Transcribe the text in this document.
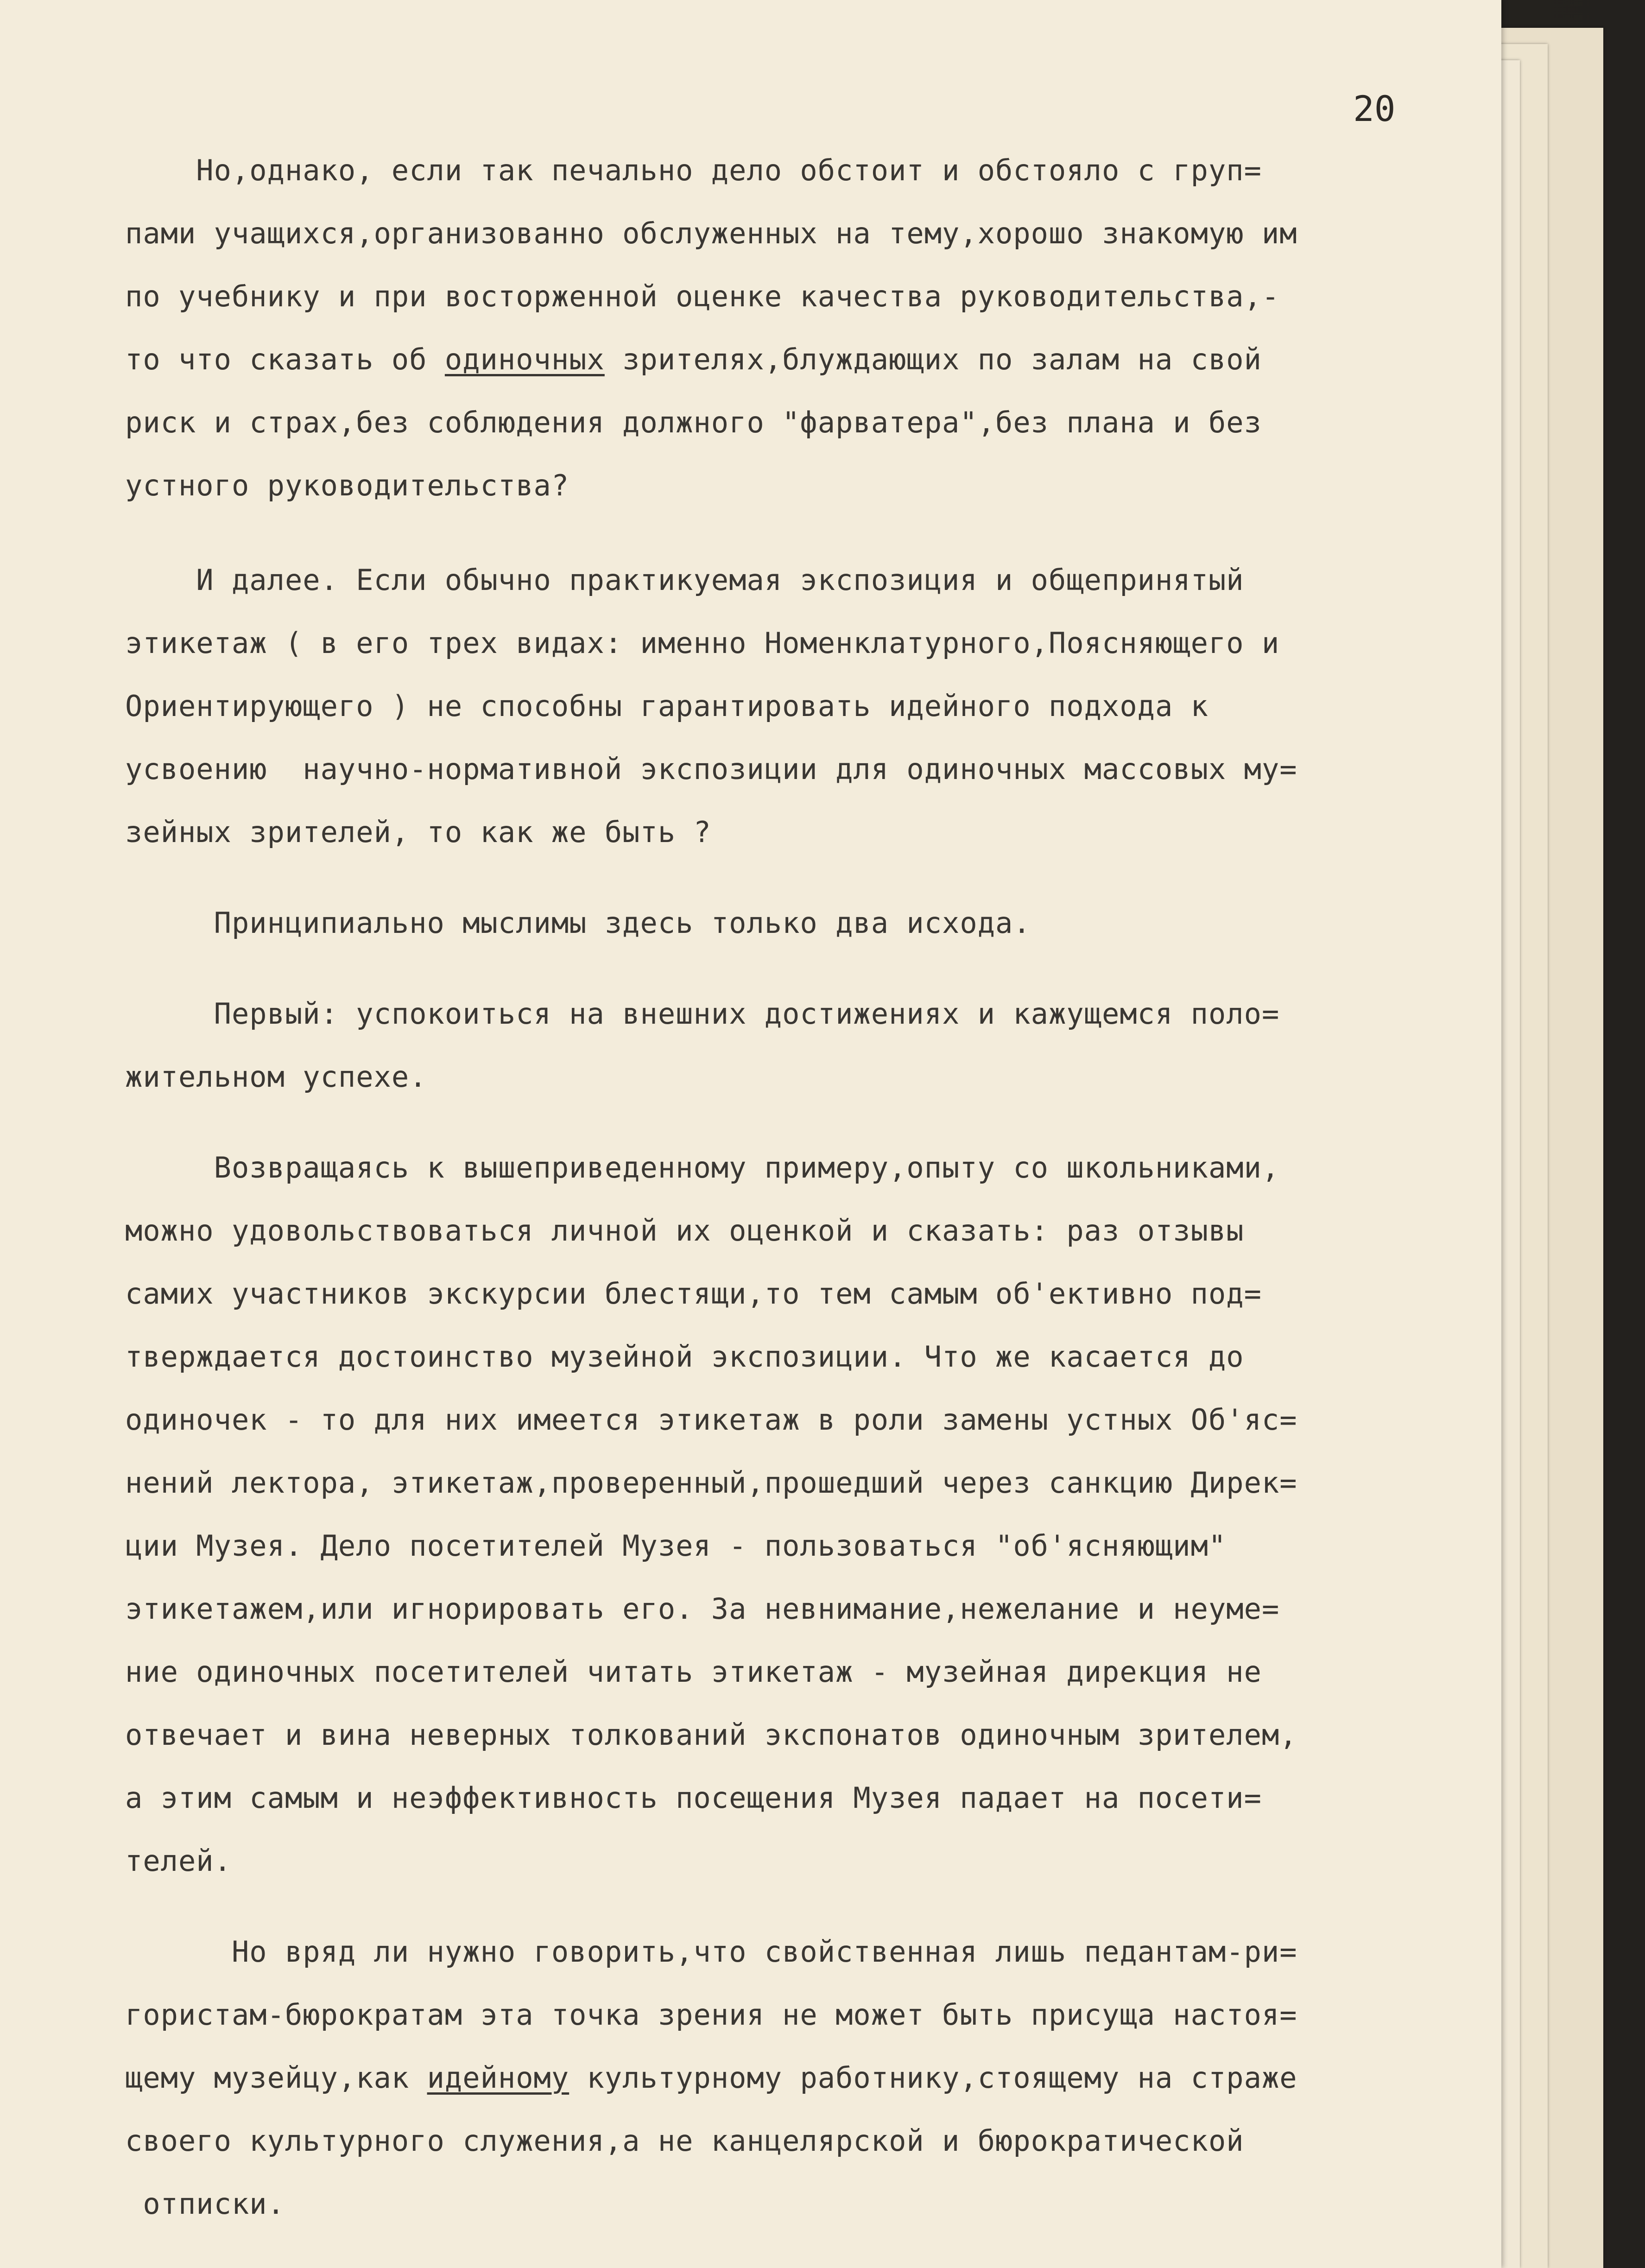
20
Но,однако, если так печально дело обстоит и обстояло с груп=
пами учащихся,организованно обслуженных на тему,хорошо знакомую им
по учебнику и при восторженной оценке качества руководительства,-
то что сказать об одиночных зрителях,блуждающих по залам на свой
риск и страх,без соблюдения должного "фарватера",без плана и без
устного руководительства?
И далее. Если обычно практикуемая экспозиция и общепринятый
этикетаж ( в его трех видах: именно Номенклатурного,Поясняющего и
Ориентирующего ) не способны гарантировать идейного подхода к
усвоению  научно-нормативной экспозиции для одиночных массовых му=
зейных зрителей, то как же быть ?
Принципиально мыслимы здесь только два исхода.
Первый: успокоиться на внешних достижениях и кажущемся поло=
жительном успехе.
Возвращаясь к вышеприведенному примеру,опыту со школьниками,
можно удовольствоваться личной их оценкой и сказать: раз отзывы
самих участников экскурсии блестящи,то тем самым об'ективно под=
тверждается достоинство музейной экспозиции. Что же касается до
одиночек - то для них имеется этикетаж в роли замены устных Об'яс=
нений лектора, этикетаж,проверенный,прошедший через санкцию Дирек=
ции Музея. Дело посетителей Музея - пользоваться "об'ясняющим"
этикетажем,или игнорировать его. За невнимание,нежелание и неуме=
ние одиночных посетителей читать этикетаж - музейная дирекция не
отвечает и вина неверных толкований экспонатов одиночным зрителем,
а этим самым и неэффективность посещения Музея падает на посети=
телей.
Но вряд ли нужно говорить,что свойственная лишь педантам-ри=
гористам-бюрократам эта точка зрения не может быть присуща настоя=
щему музейцу,как идейному культурному работнику,стоящему на страже
своего культурного служения,а не канцелярской и бюрократической
отписки.
